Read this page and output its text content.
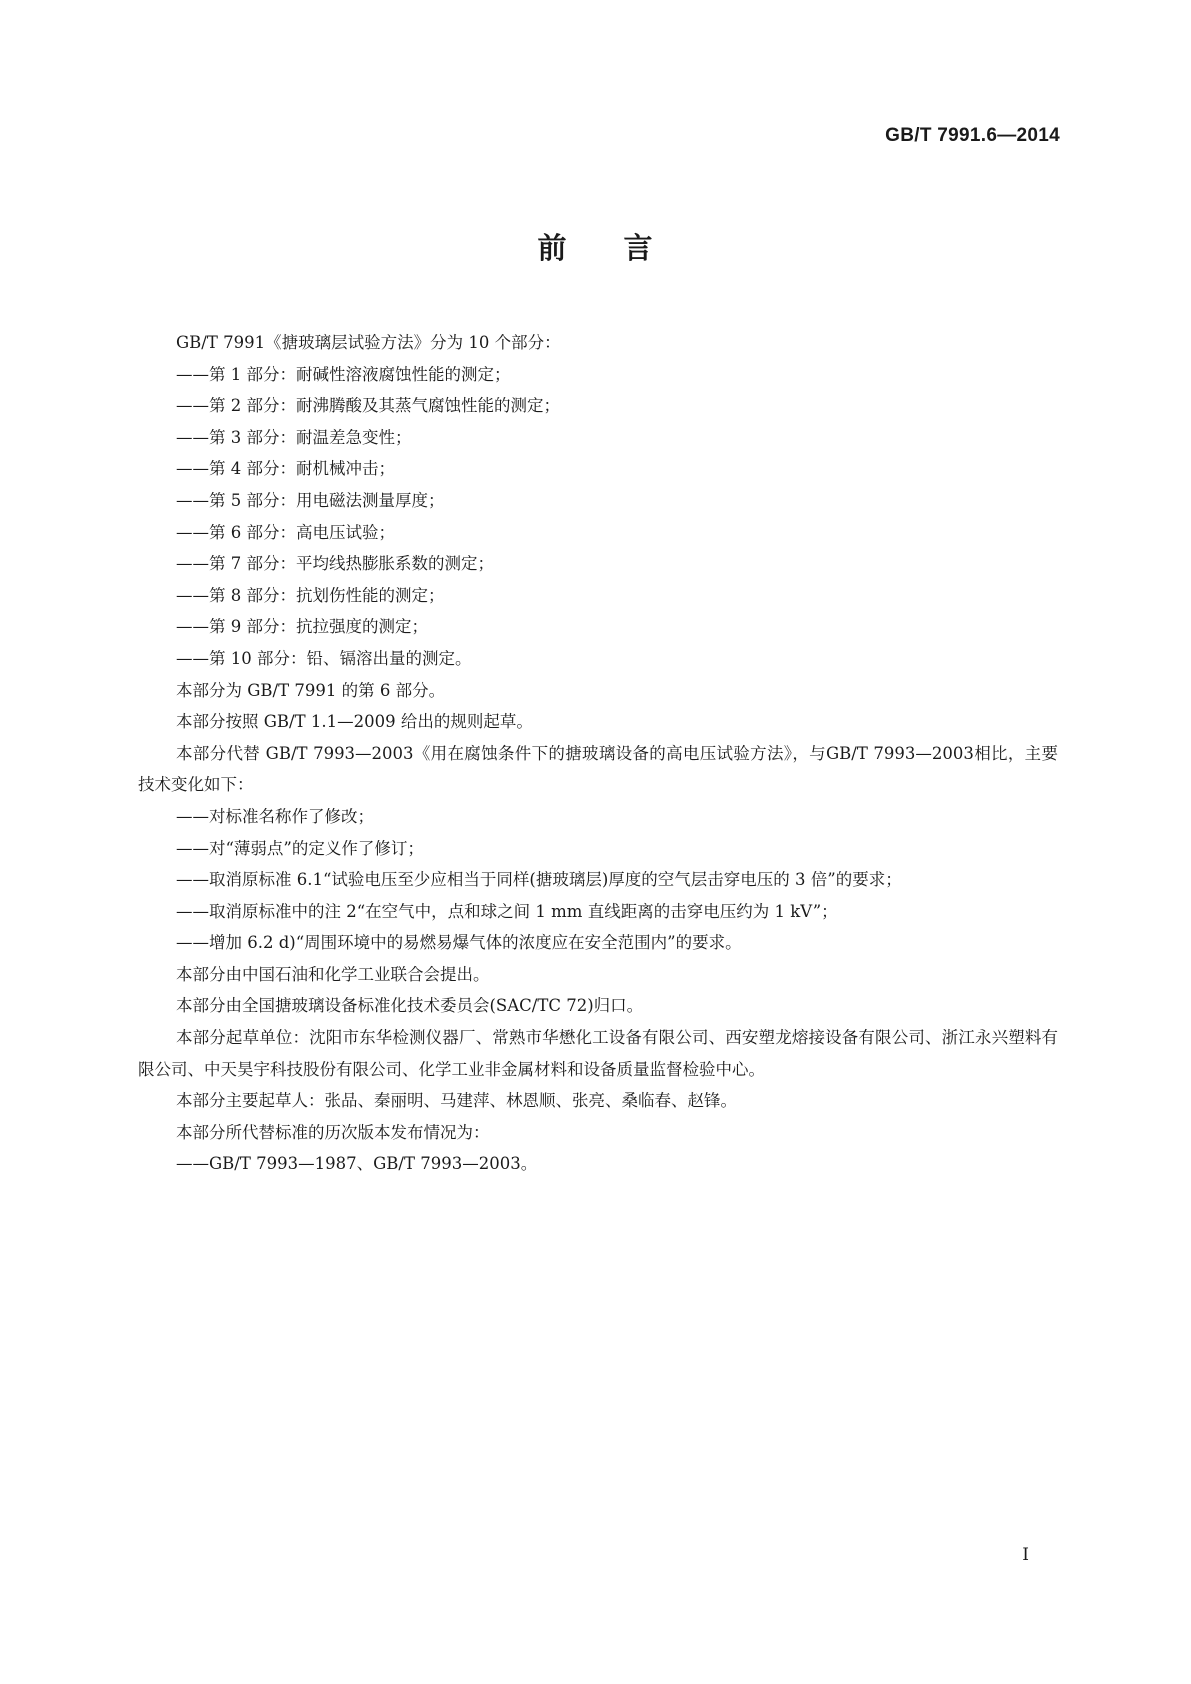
GB/T 7991.6—2014
前 言

GB/T 7991《搪玻璃层试验方法》分为 10 个部分：

——第 1 部分：耐碱性溶液腐蚀性能的测定；

——第 2 部分：耐沸腾酸及其蒸气腐蚀性能的测定；

——第 3 部分：耐温差急变性；

——第 4 部分：耐机械冲击；

——第 5 部分：用电磁法测量厚度；

——第 6 部分：高电压试验；

——第 7 部分：平均线热膨胀系数的测定；

——第 8 部分：抗划伤性能的测定；

——第 9 部分：抗拉强度的测定；

——第 10 部分：铅、镉溶出量的测定。

本部分为 GB/T 7991 的第 6 部分。

本部分按照 GB/T 1.1—2009 给出的规则起草。

本部分代替 GB/T 7993—2003《用在腐蚀条件下的搪玻璃设备的高电压试验方法》，与GB/T 7993—2003相比，主要技术变化如下：

——对标准名称作了修改；

——对“薄弱点”的定义作了修订；

——取消原标准 6.1“试验电压至少应相当于同样(搪玻璃层)厚度的空气层击穿电压的 3 倍”的要求；

——取消原标准中的注 2“在空气中，点和球之间 1 mm 直线距离的击穿电压约为 1 kV”；

——增加 6.2 d)“周围环境中的易燃易爆气体的浓度应在安全范围内”的要求。

本部分由中国石油和化学工业联合会提出。

本部分由全国搪玻璃设备标准化技术委员会(SAC/TC 72)归口。

本部分起草单位：沈阳市东华检测仪器厂、常熟市华懋化工设备有限公司、西安塑龙熔接设备有限公司、浙江永兴塑料有限公司、中天昊宇科技股份有限公司、化学工业非金属材料和设备质量监督检验中心。

本部分主要起草人：张品、秦丽明、马建萍、林恩顺、张亮、桑临春、赵锋。

本部分所代替标准的历次版本发布情况为：

——GB/T 7993—1987、GB/T 7993—2003。

I
